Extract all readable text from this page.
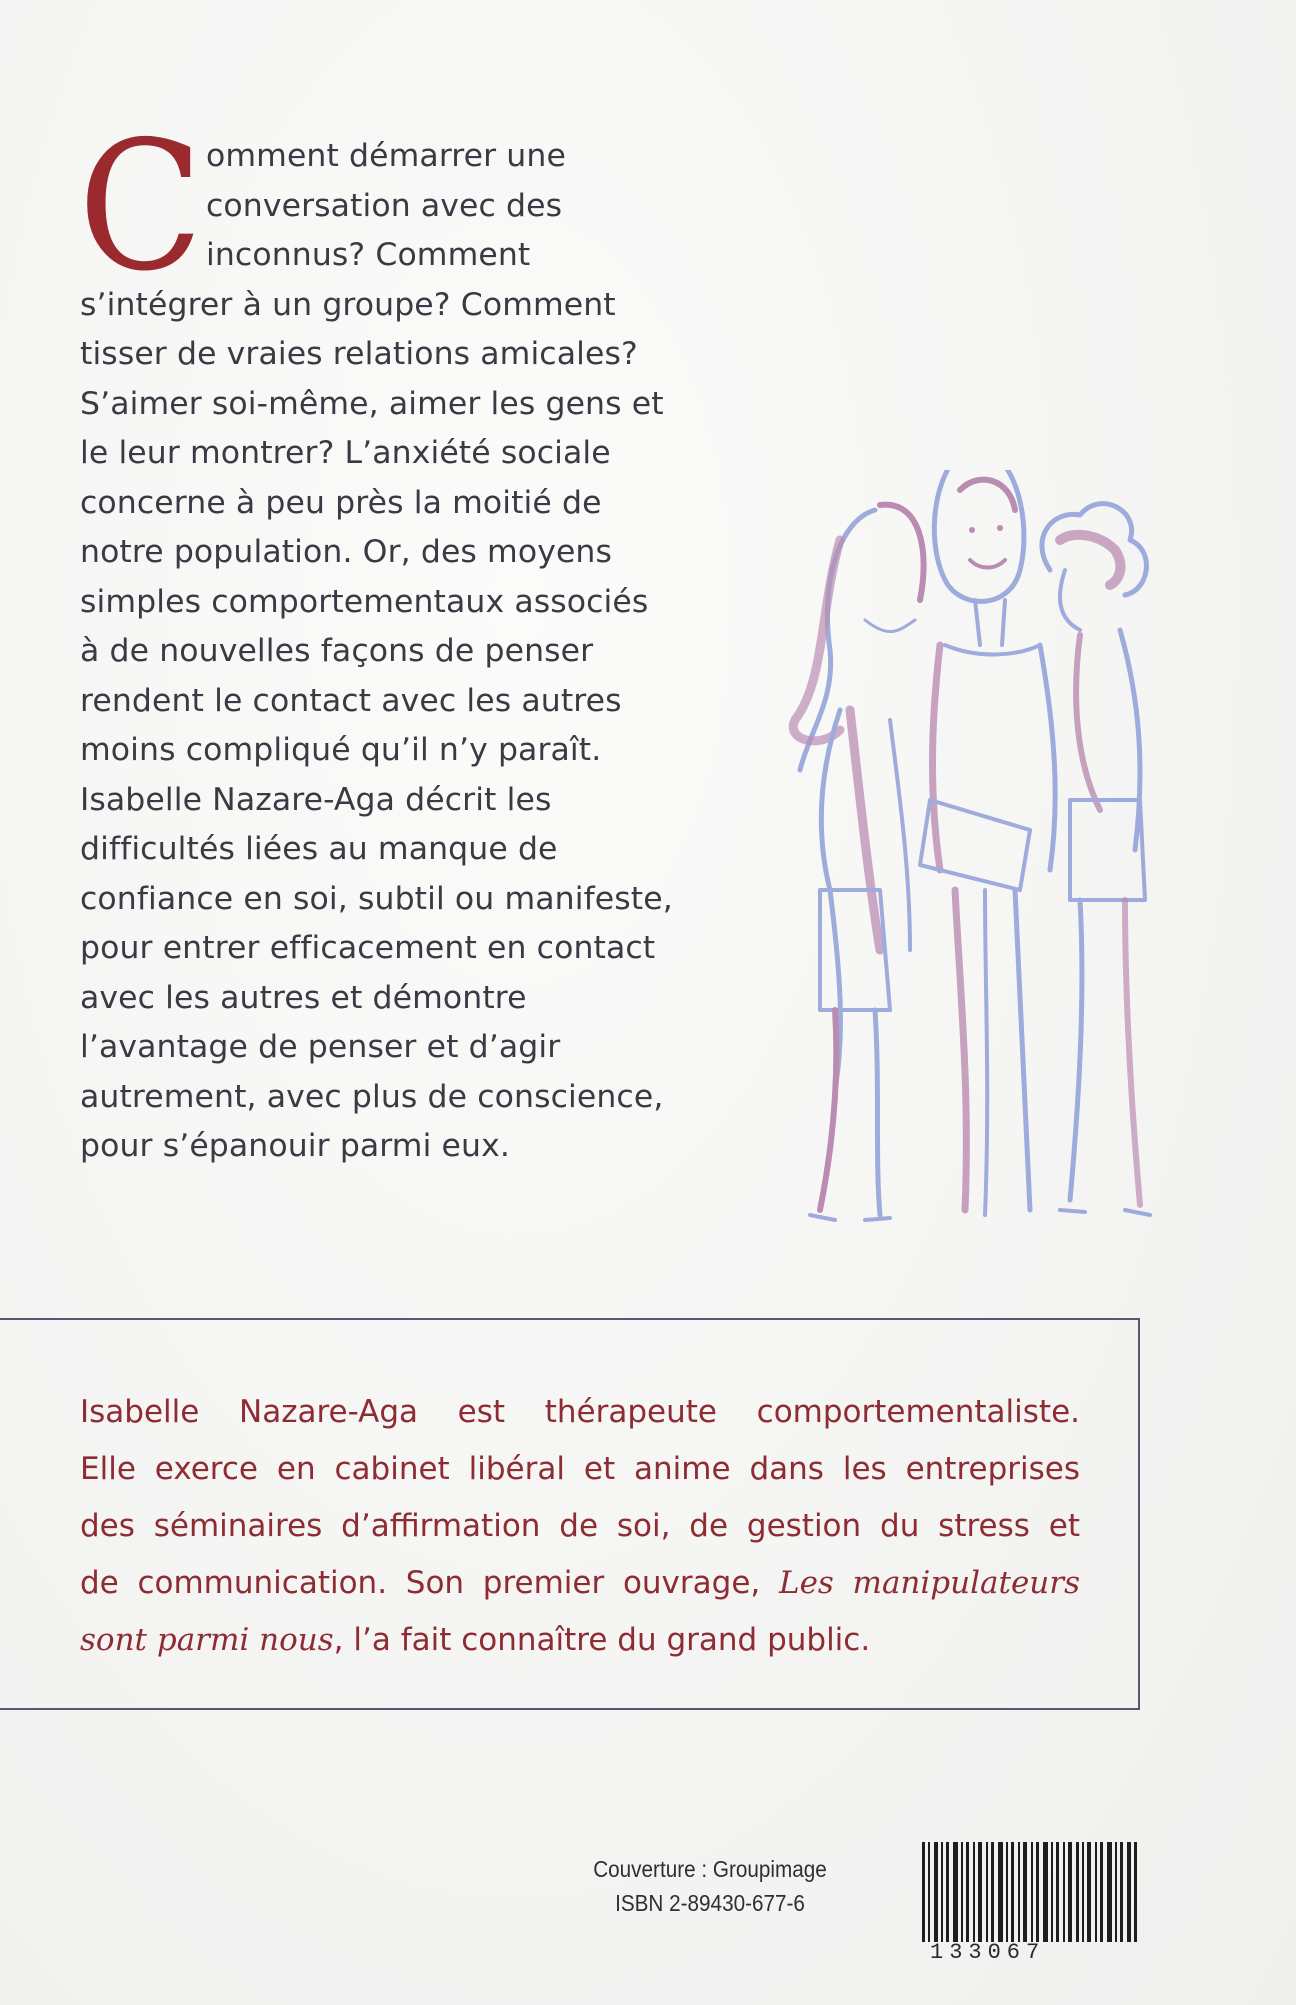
C omment démarrer une
conversation avec des
inconnus? Comment
s’intégrer à un groupe? Comment
tisser de vraies relations amicales?
S’aimer soi-même, aimer les gens et
le leur montrer? L’anxiété sociale
concerne à peu près la moitié de
notre population. Or, des moyens
simples comportementaux associés
à de nouvelles façons de penser
rendent le contact avec les autres
moins compliqué qu’il n’y paraît.
Isabelle Nazare-Aga décrit les
difficultés liées au manque de
confiance en soi, subtil ou manifeste,
pour entrer efficacement en contact
avec les autres et démontre
l’avantage de penser et d’agir
autrement, avec plus de conscience,
pour s’épanouir parmi eux.
Isabelle Nazare-Aga est thérapeute comportementaliste.
Elle exerce en cabinet libéral et anime dans les entreprises
des séminaires d’affirmation de soi, de gestion du stress et
de communication. Son premier ouvrage, Les manipulateurs
sont parmi nous, l’a fait connaître du grand public.
Couverture : Groupimage
ISBN 2-89430-677-6
133067
